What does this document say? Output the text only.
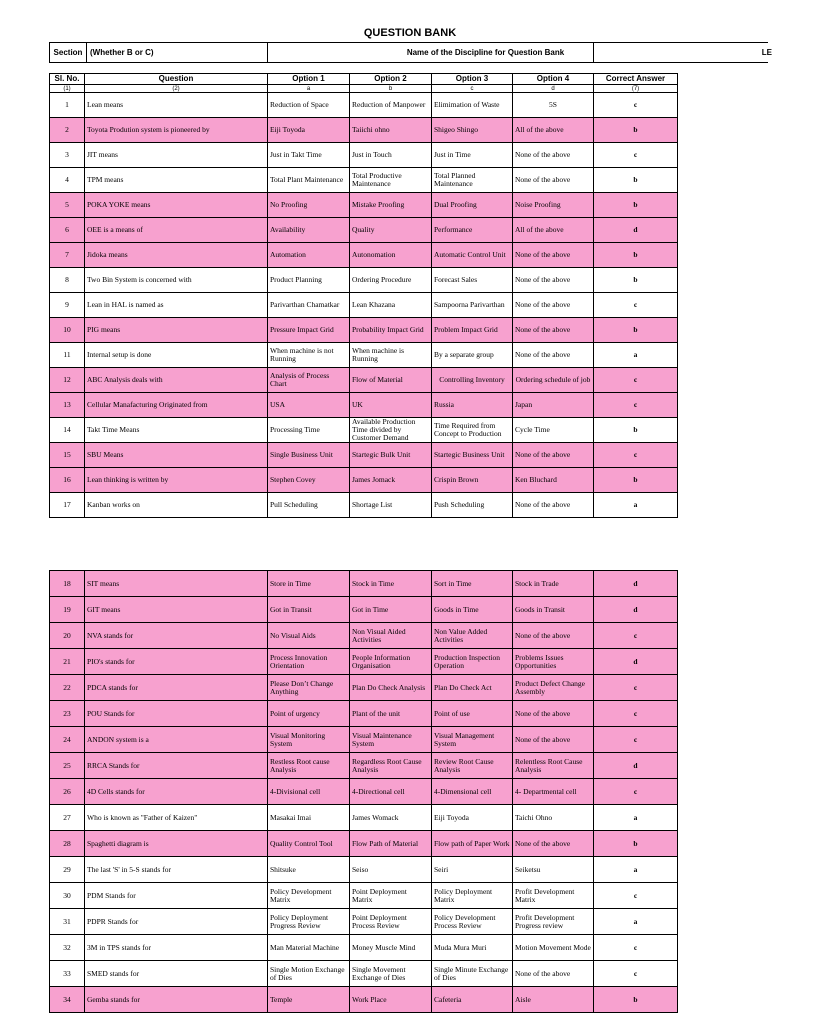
QUESTION BANK
Section (Whether B or C)	Name of the Discipline for Question Bank	LE
Sl. No.	Question	Option 1	Option 2	Option 3	Option 4	Correct Answer
(1)	(2)	a	b	c	d	(7)
1	Lean means	Reduction of Space	Reduction of Manpower	Elimimation of Waste	5S	c
2	Toyota Prodution system is pioneered by	Eiji Toyoda	Taiichi ohno	Shigeo Shingo	All of the above	b
3	JIT means	Just in Takt Time	Just in Touch	Just in Time	None of the above	c
4	TPM means	Total Plant Maintenance	Total Productive Maintenance	Total Planned Maintenance	None of the above	b
5	POKA YOKE means	No Proofing	Mistake Proofing	Dual Proofing	Noise Proofing	b
6	OEE is a means of	Availability	Quality	Performance	All of the above	d
7	Jidoka means	Automation	Autonomation	Automatic Control Unit	None of the above	b
8	Two Bin System is concerned with	Product Planning	Ordering Procedure	Forecast Sales	None of the above	b
9	Lean in HAL is named as	Parivarthan Chamatkar	Lean Khazana	Sampoorna Parivarthan	None of the above	c
10	PIG means	Pressure Impact Grid	Probability Impact Grid	Problem Impact Grid	None of the above	b
11	Internal setup is done	When machine is not Running	When machine is Running	By a separate group	None of the above	a
12	ABC Analysis deals with	Analysis of Process Chart	Flow of Material	Controlling Inventory	Ordering schedule of job	c
13	Cellular Manafacturing Originated from	USA	UK	Russia	Japan	c
14	Takt Time Means	Processing Time	Available Production Time divided by Customer Demand	Time Required from Concept to Production	Cycle Time	b
15	SBU Means	Single Business Unit	Startegic Bulk Unit	Startegic Business Unit	None of the above	c
16	Lean thinking is written by	Stephen Covey	James Jomack	Crispin Brown	Ken Bluchard	b
17	Kanban works on	Pull Scheduling	Shortage List	Push Scheduling	None of the above	a
18	SIT means	Store in Time	Stock in Time	Sort in Time	Stock in Trade	d
19	GIT means	Got in Transit	Got in Time	Goods in Time	Goods in Transit	d
20	NVA stands for	No Visual Aids	Non Visual Aided Activities	Non Value Added Activities	None of the above	c
21	PIO's stands for	Process Innovation Orientation	People Information Organisation	Production Inspection Operation	Problems Issues Opportunities	d
22	PDCA stands for	Please Don’t Change Anything	Plan Do Check Analysis	Plan Do Check Act	Product Defect Change Assembly	c
23	POU Stands for	Point of urgency	Plant of the unit	Point of use	None of the above	c
24	ANDON system is a	Visual Monitoring System	Visual Maintenance System	Visual Management System	None of the above	c
25	RRCA Stands for	Restless Root cause Analysis	Regardless Root Cause Analysis	Review Root Cause Analysis	Relentless Root Cause Analysis	d
26	4D Cells stands for	4-Divisional cell	4-Directional cell	4-Dimensional cell	4- Departmental cell	c
27	Who is known as "Father of Kaizen"	Masakai Imai	James Womack	Eiji Toyoda	Taichi Ohno	a
28	Spaghetti diagram is	Quality Control Tool	Flow Path of Material	Flow path of Paper Work	None of the above	b
29	The last 'S' in 5-S stands for	Shitsuke	Seiso	Seiri	Seiketsu	a
30	PDM Stands for	Policy Development Matrix	Point Deployment Matrix	Policy Deployment Matrix	Profit Development Matrix	c
31	PDPR Stands for	Policy Deployment Progress Review	Point Deployment Process Review	Policy Development Process Review	Profit Development Progress review	a
32	3M in TPS stands for	Man Material Machine	Money Muscle Mind	Muda Mura Muri	Motion Movement Mode	c
33	SMED stands for	Single Motion Exchange of Dies	Single Movement Exchange of Dies	Single Minute Exchange of Dies	None of the above	c
34	Gemba stands for	Temple	Work Place	Cafeteria	Aisle	b
